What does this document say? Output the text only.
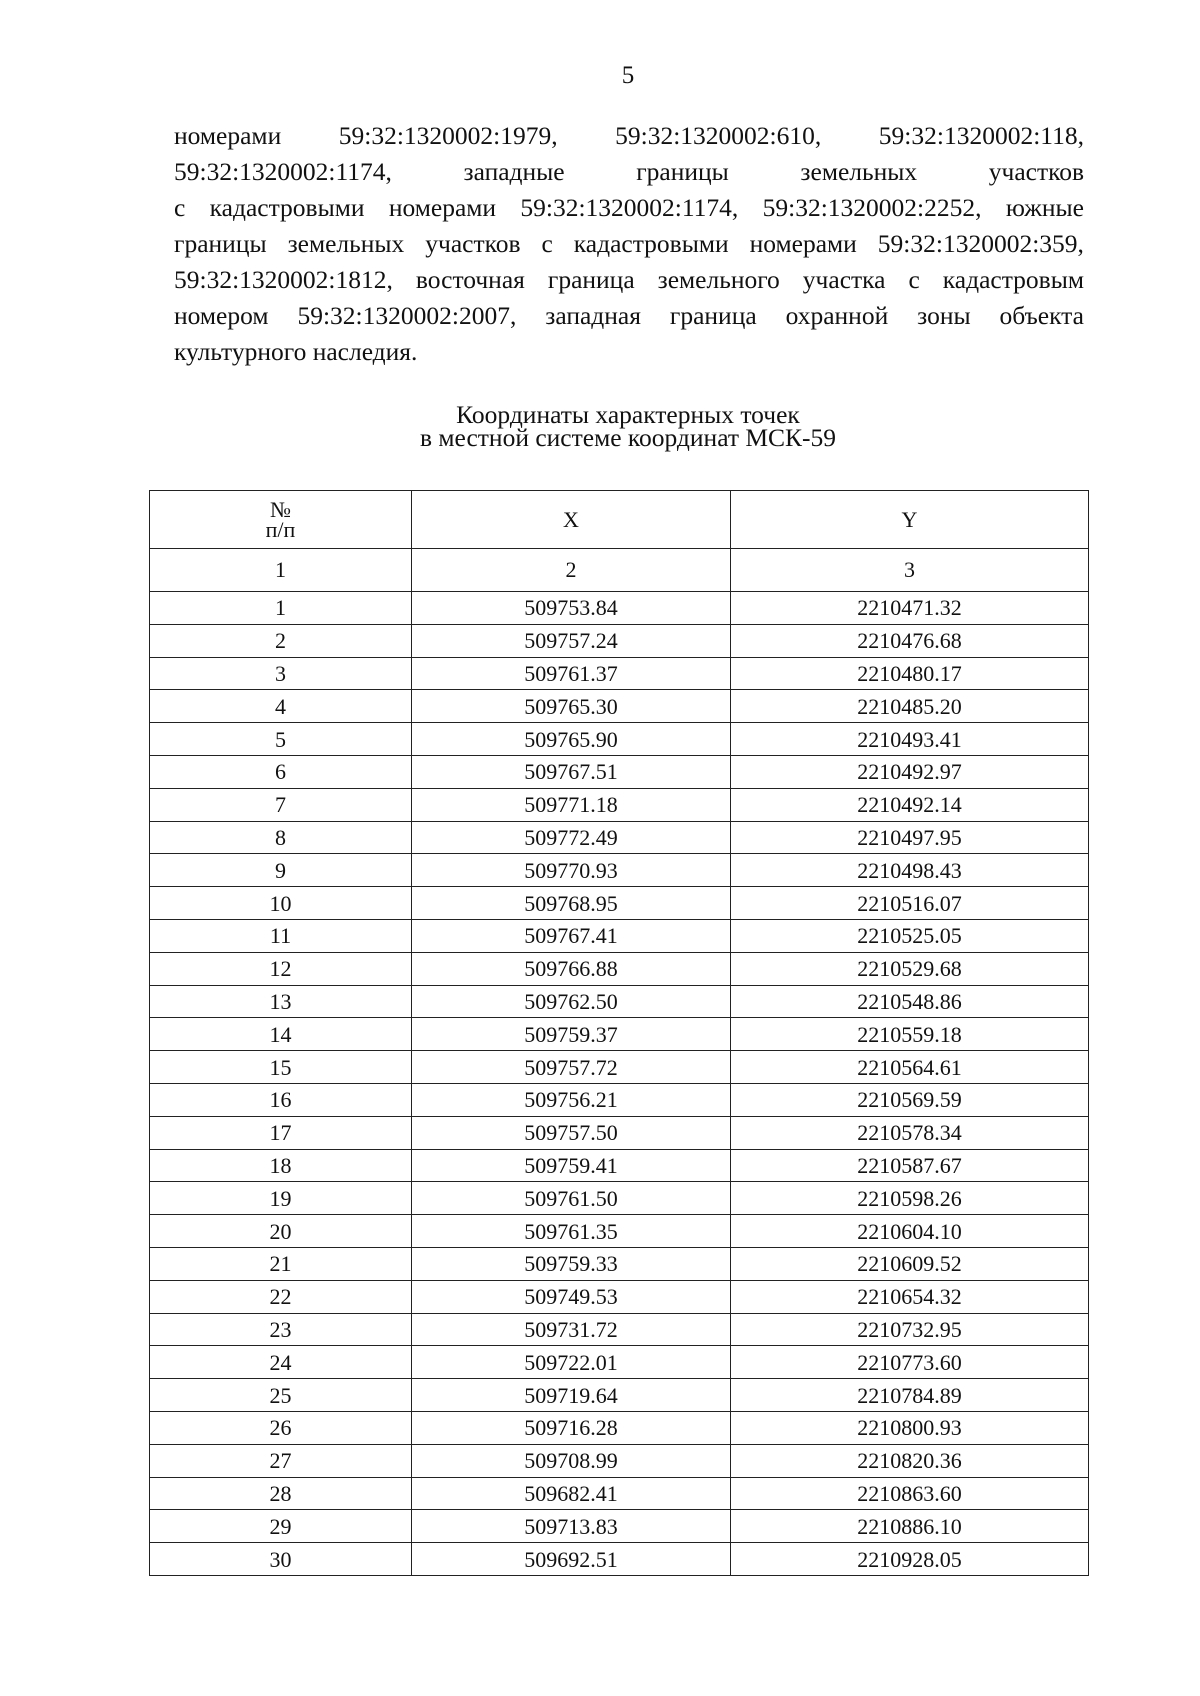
5
номерами 59:32:1320002:1979, 59:32:1320002:610, 59:32:1320002:118,
59:32:1320002:1174,	западные	границы	земельных	участков
с кадастровыми номерами 59:32:1320002:1174, 59:32:1320002:2252, южные
границы земельных участков с кадастровыми номерами 59:32:1320002:359,
59:32:1320002:1812, восточная граница земельного участка с кадастровым
номером 59:32:1320002:2007, западная граница охранной зоны объекта
культурного наследия.
Координаты характерных точек
в местной системе координат МСК-59
№
п/п	X	Y
1	2	3
1	509753.84	2210471.32
2	509757.24	2210476.68
3	509761.37	2210480.17
4	509765.30	2210485.20
5	509765.90	2210493.41
6	509767.51	2210492.97
7	509771.18	2210492.14
8	509772.49	2210497.95
9	509770.93	2210498.43
10	509768.95	2210516.07
11	509767.41	2210525.05
12	509766.88	2210529.68
13	509762.50	2210548.86
14	509759.37	2210559.18
15	509757.72	2210564.61
16	509756.21	2210569.59
17	509757.50	2210578.34
18	509759.41	2210587.67
19	509761.50	2210598.26
20	509761.35	2210604.10
21	509759.33	2210609.52
22	509749.53	2210654.32
23	509731.72	2210732.95
24	509722.01	2210773.60
25	509719.64	2210784.89
26	509716.28	2210800.93
27	509708.99	2210820.36
28	509682.41	2210863.60
29	509713.83	2210886.10
30	509692.51	2210928.05
